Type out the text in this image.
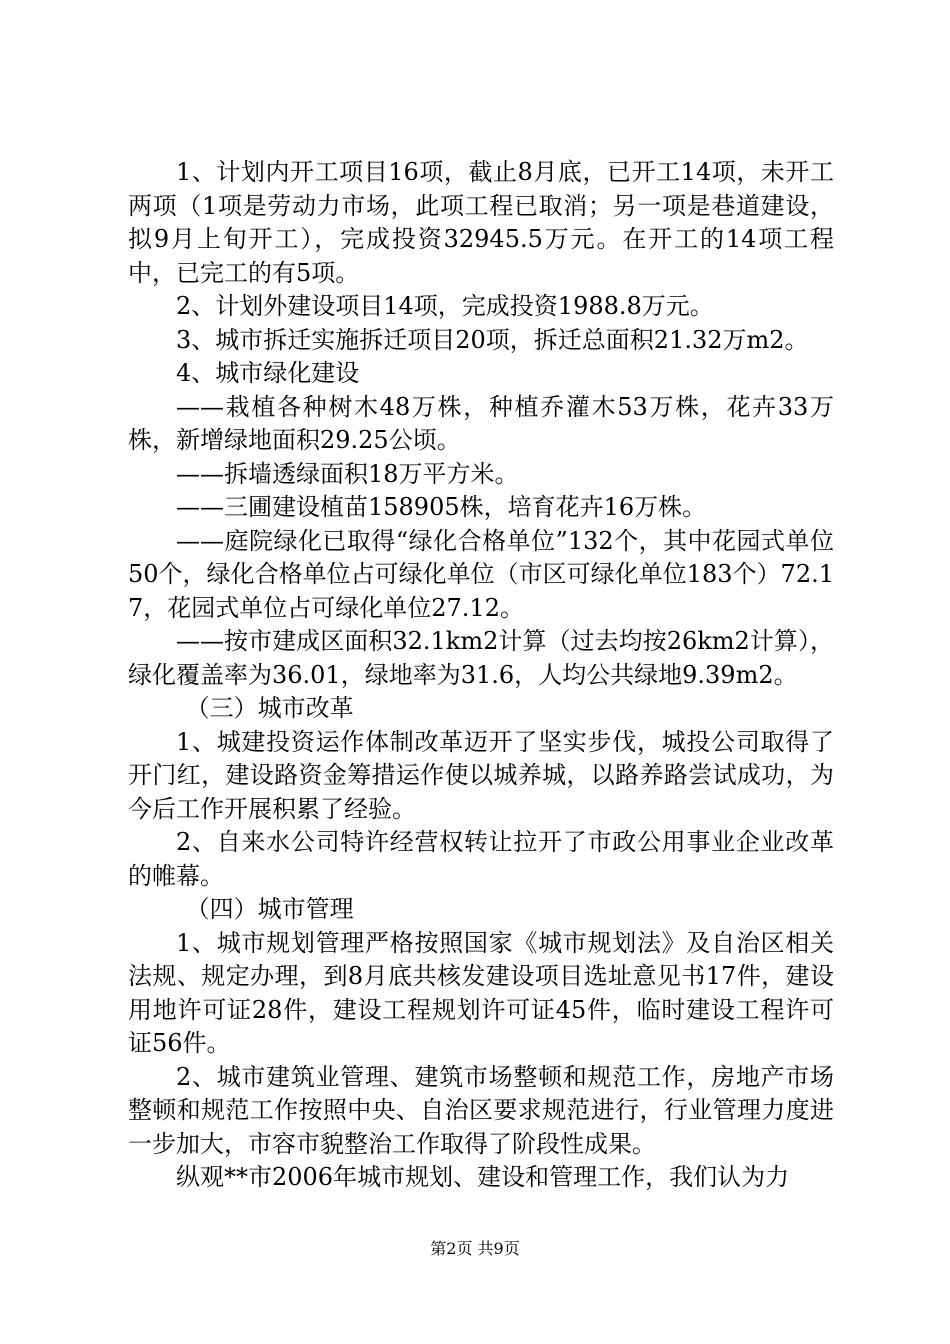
1、计划内开工项目16项，截止8月底，已开工14项，未开工两项（1项是劳动力市场，此项工程已取消；另一项是巷道建设，拟9月上旬开工），完成投资32945.5万元。在开工的14项工程中，已完工的有5项。

2、计划外建设项目14项，完成投资1988.8万元。

3、城市拆迁实施拆迁项目20项，拆迁总面积21.32万m2。

4、城市绿化建设

——栽植各种树木48万株，种植乔灌木53万株，花卉33万株，新增绿地面积29.25公顷。

——拆墙透绿面积18万平方米。

——三圃建设植苗158905株，培育花卉16万株。

——庭院绿化已取得“绿化合格单位”132个，其中花园式单位50个，绿化合格单位占可绿化单位（市区可绿化单位183个）72.17，花园式单位占可绿化单位27.12。

——按市建成区面积32.1km2计算（过去均按26km2计算），绿化覆盖率为36.01，绿地率为31.6，人均公共绿地9.39m2。

（三）城市改革

1、城建投资运作体制改革迈开了坚实步伐，城投公司取得了开门红，建设路资金筹措运作使以城养城，以路养路尝试成功，为今后工作开展积累了经验。

2、自来水公司特许经营权转让拉开了市政公用事业企业改革的帷幕。

（四）城市管理

1、城市规划管理严格按照国家《城市规划法》及自治区相关法规、规定办理，到8月底共核发建设项目选址意见书17件，建设用地许可证28件，建设工程规划许可证45件，临时建设工程许可证56件。

2、城市建筑业管理、建筑市场整顿和规范工作，房地产市场整顿和规范工作按照中央、自治区要求规范进行，行业管理力度进一步加大，市容市貌整治工作取得了阶段性成果。

纵观**市2006年城市规划、建设和管理工作，我们认为力

第2页 共9页
